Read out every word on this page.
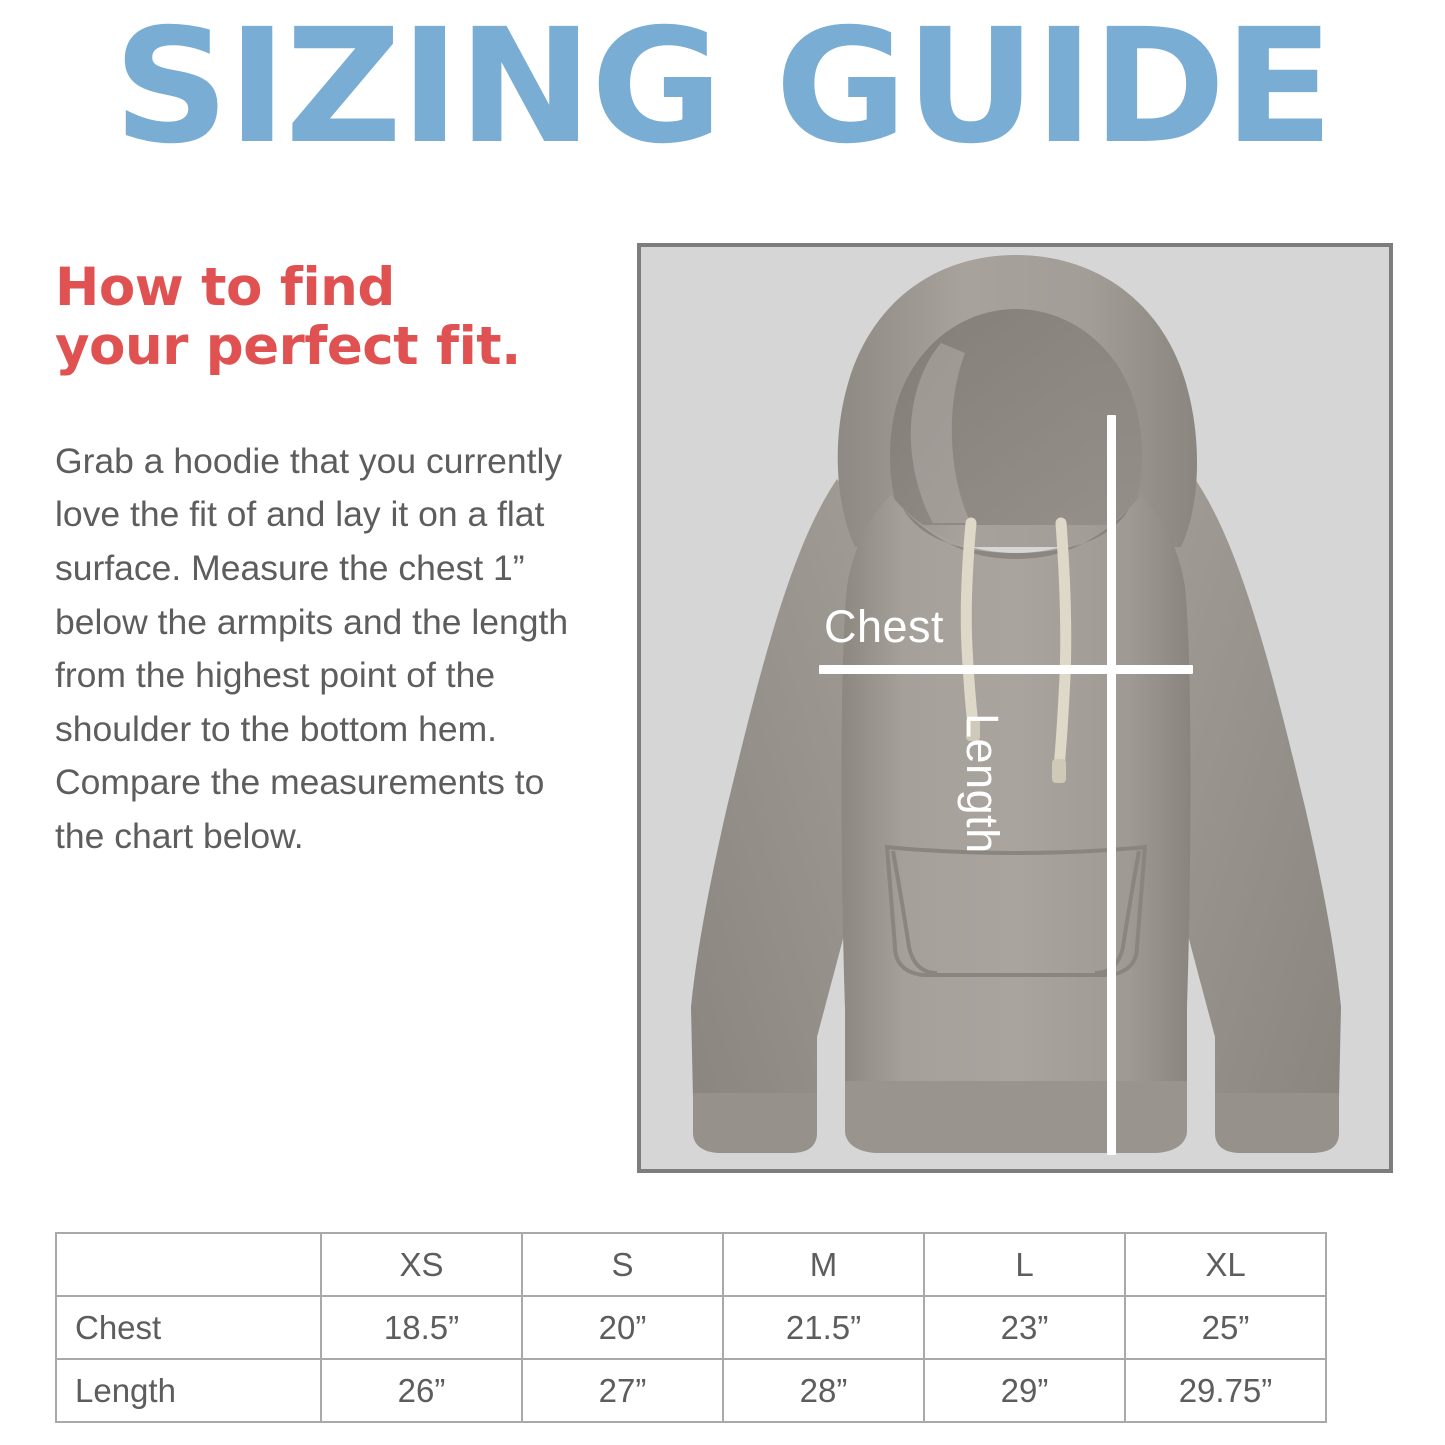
SIZING GUIDE
How to find
your perfect fit.

Grab a hoodie that you currently love the fit of and lay it on a flat surface. Measure the chest 1” below the armpits and the length from the highest point of the shoulder to the bottom hem. Compare the measurements to the chart below.

Chest
Length
	XS	S	M	L	XL
Chest	18.5”	20”	21.5”	23”	25”
Length	26”	27”	28”	29”	29.75”
